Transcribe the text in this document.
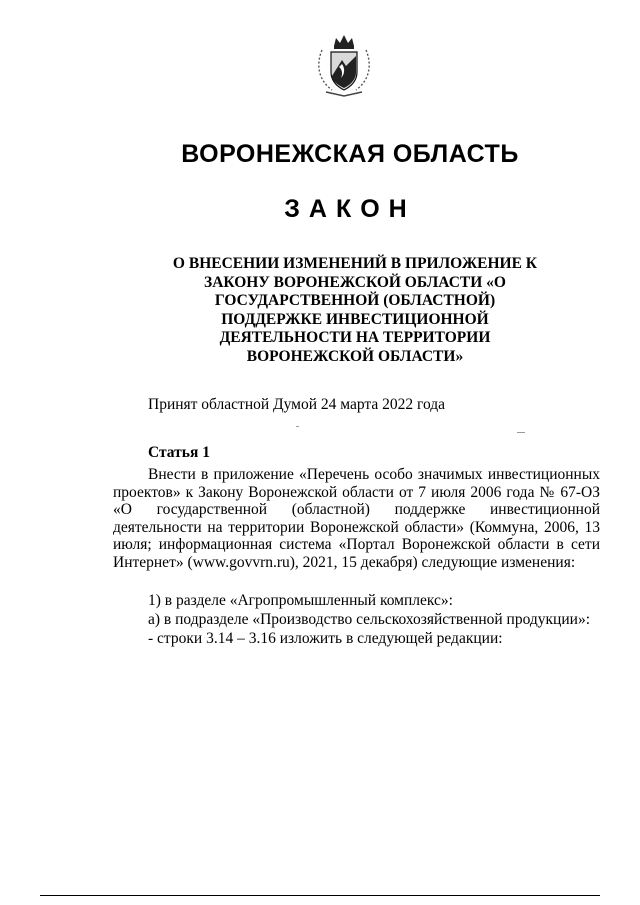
ВОРОНЕЖСКАЯ ОБЛАСТЬ
ЗАКОН
О ВНЕСЕНИИ ИЗМЕНЕНИЙ В ПРИЛОЖЕНИЕ К ЗАКОНУ ВОРОНЕЖСКОЙ ОБЛАСТИ «О ГОСУДАРСТВЕННОЙ (ОБЛАСТНОЙ) ПОДДЕРЖКЕ ИНВЕСТИЦИОННОЙ ДЕЯТЕЛЬНОСТИ НА ТЕРРИТОРИИ ВОРОНЕЖСКОЙ ОБЛАСТИ»
Принят областной Думой 24 марта 2022 года
Статья 1
Внести в приложение «Перечень особо значимых инвестиционных проектов» к Закону Воронежской области от 7 июля 2006 года № 67-ОЗ «О государственной (областной) поддержке инвестиционной деятельности на территории Воронежской области» (Коммуна, 2006, 13 июля; информационная система «Портал Воронежской области в сети Интернет» (www.govvrn.ru), 2021, 15 декабря) следующие изменения:
1) в разделе «Агропромышленный комплекс»:
а) в подразделе «Производство сельскохозяйственной продукции»:
- строки 3.14 – 3.16 изложить в следующей редакции:
